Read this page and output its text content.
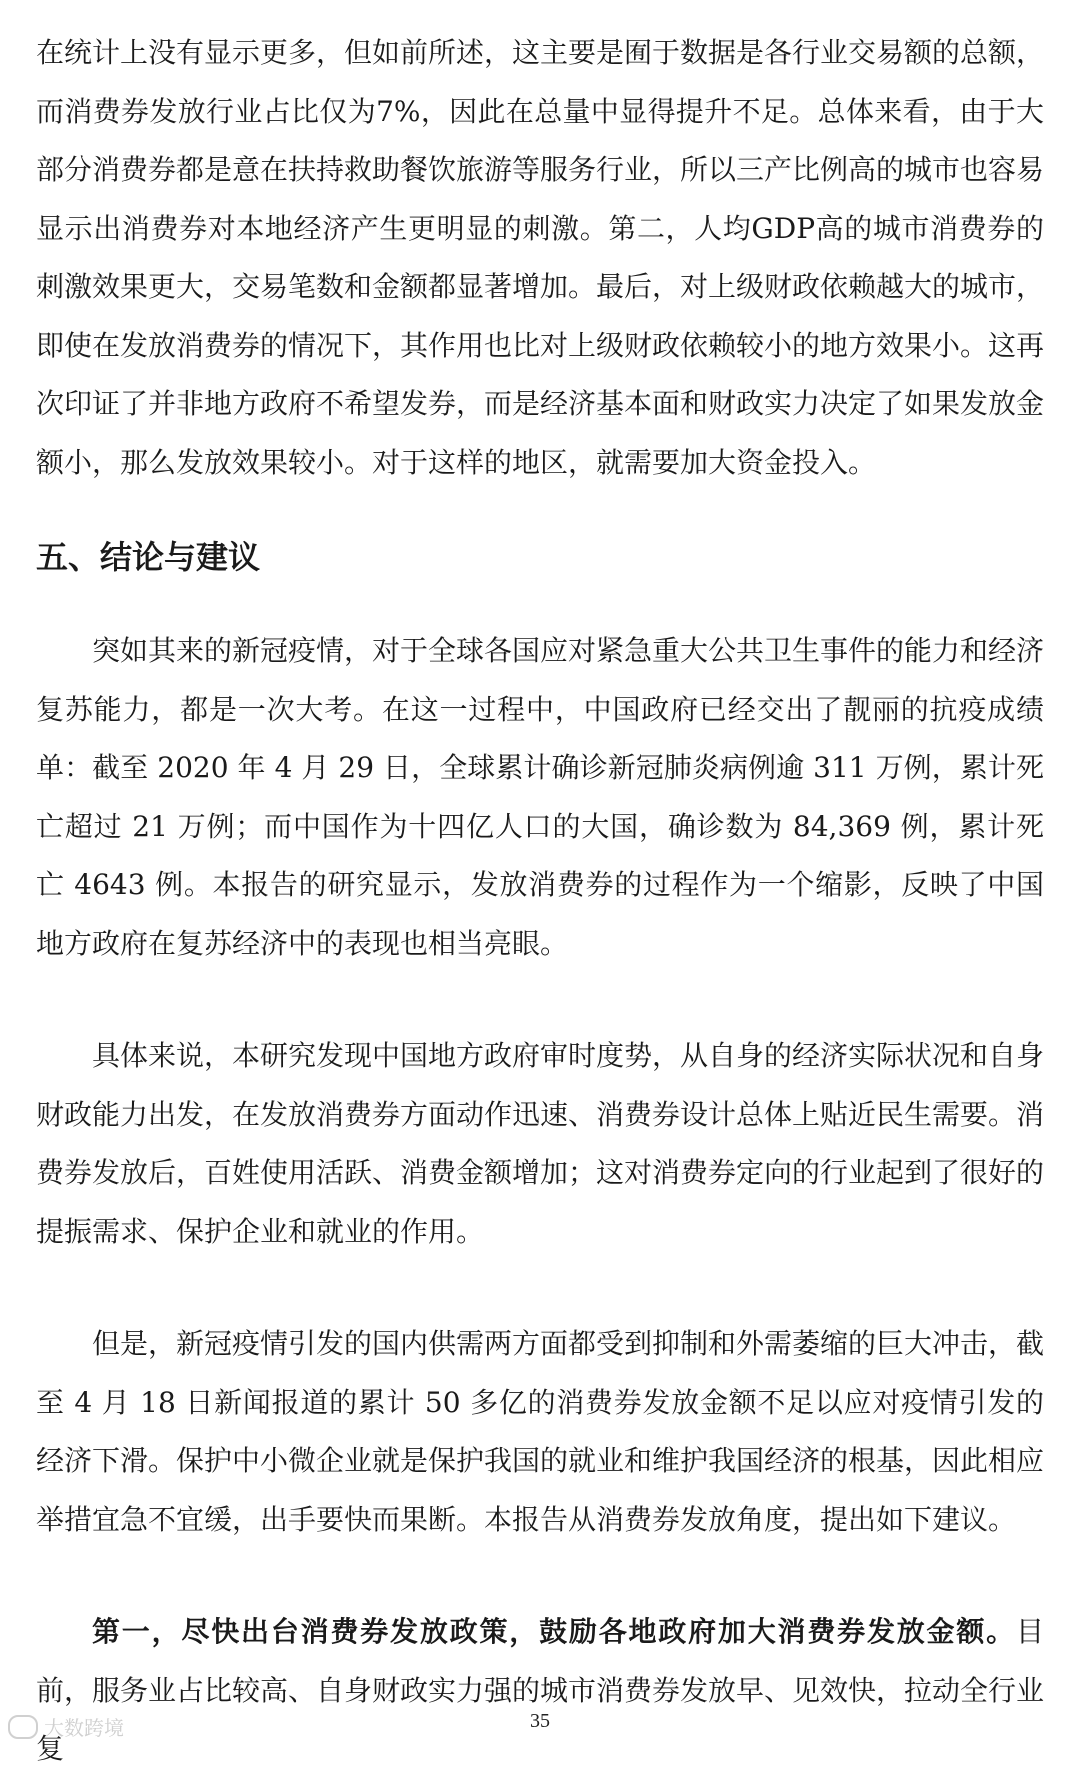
在统计上没有显示更多，但如前所述，这主要是囿于数据是各行业交易额的总额，而消费券发放行业占比仅为7%，因此在总量中显得提升不足。总体来看，由于大部分消费券都是意在扶持救助餐饮旅游等服务行业，所以三产比例高的城市也容易显示出消费券对本地经济产生更明显的刺激。第二，人均GDP高的城市消费券的刺激效果更大，交易笔数和金额都显著增加。最后，对上级财政依赖越大的城市，即使在发放消费券的情况下，其作用也比对上级财政依赖较小的地方效果小。这再次印证了并非地方政府不希望发券，而是经济基本面和财政实力决定了如果发放金额小，那么发放效果较小。对于这样的地区，就需要加大资金投入。

五、结论与建议

突如其来的新冠疫情，对于全球各国应对紧急重大公共卫生事件的能力和经济复苏能力，都是一次大考。在这一过程中，中国政府已经交出了靓丽的抗疫成绩单：截至 2020 年 4 月 29 日，全球累计确诊新冠肺炎病例逾 311 万例，累计死亡超过 21 万例；而中国作为十四亿人口的大国，确诊数为 84,369 例，累计死亡 4643 例。本报告的研究显示，发放消费券的过程作为一个缩影，反映了中国地方政府在复苏经济中的表现也相当亮眼。

具体来说，本研究发现中国地方政府审时度势，从自身的经济实际状况和自身财政能力出发，在发放消费券方面动作迅速、消费券设计总体上贴近民生需要。消费券发放后，百姓使用活跃、消费金额增加；这对消费券定向的行业起到了很好的提振需求、保护企业和就业的作用。

但是，新冠疫情引发的国内供需两方面都受到抑制和外需萎缩的巨大冲击，截至 4 月 18 日新闻报道的累计 50 多亿的消费券发放金额不足以应对疫情引发的经济下滑。保护中小微企业就是保护我国的就业和维护我国经济的根基，因此相应举措宜急不宜缓，出手要快而果断。本报告从消费券发放角度，提出如下建议。

第一，尽快出台消费券发放政策，鼓励各地政府加大消费券发放金额。目前，服务业占比较高、自身财政实力强的城市消费券发放早、见效快，拉动全行业复

大数跨境	35
